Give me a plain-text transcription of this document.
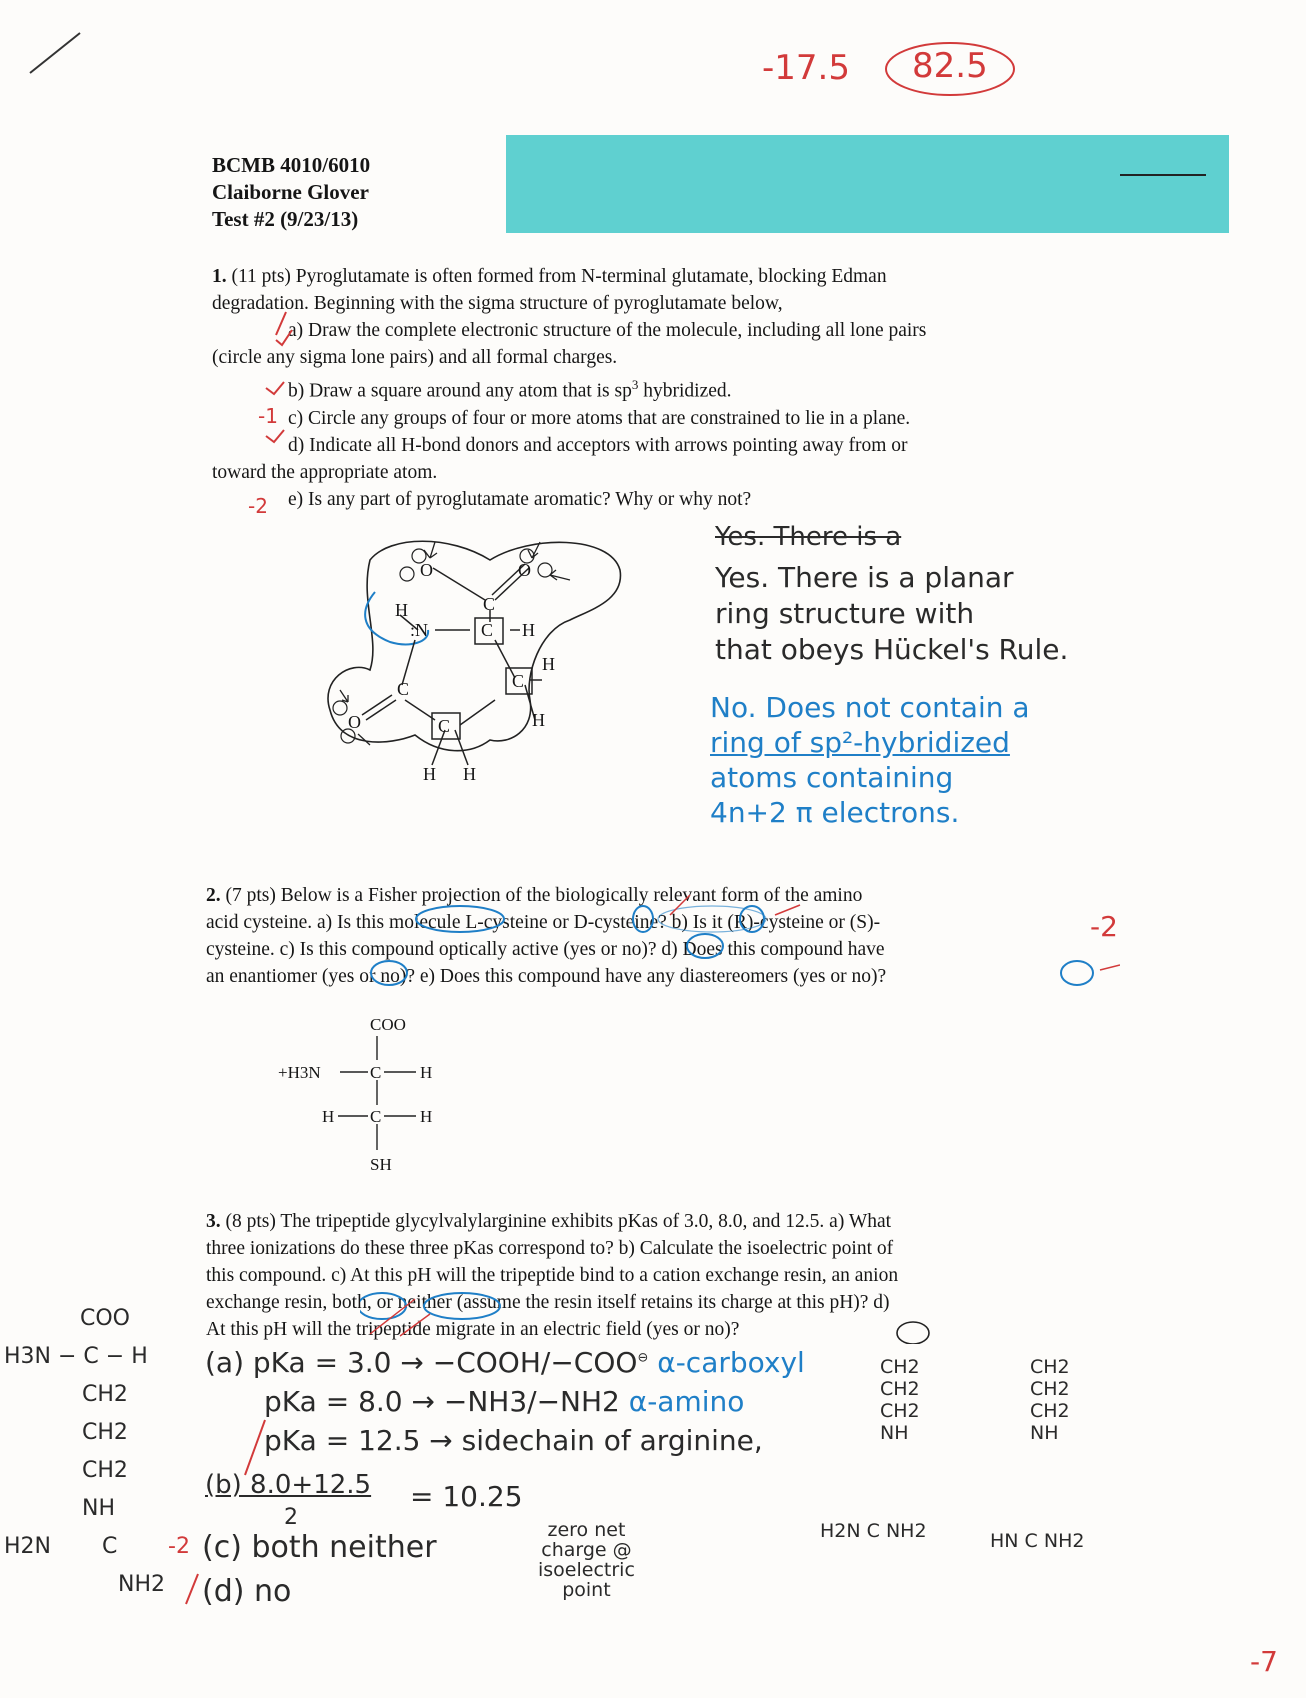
-17.5 82.5
BCMB 4010/6010
Claiborne Glover
Test #2 (9/23/13)
1. (11 pts) Pyroglutamate is often formed from N-terminal glutamate, blocking Edman
degradation. Beginning with the sigma structure of pyroglutamate below,
a) Draw the complete electronic structure of the molecule, including all lone pairs
(circle any sigma lone pairs) and all formal charges.
b) Draw a square around any atom that is $sp^3$ hybridized.
c) Circle any groups of four or more atoms that are constrained to lie in a plane.
d) Indicate all H-bond donors and acceptors with arrows pointing away from or
toward the appropriate atom.
e) Is any part of pyroglutamate aromatic? Why or why not?
-1
-2
O	O
C
H
:N	C H
C	C
H
H
O	C
H H
Yes. There is a
Yes. There is a planar
ring structure with
that obeys Hückel's Rule.
No. Does not contain a
ring of sp²-hybridized
atoms containing
4n+2 π electrons.
2. (7 pts) Below is a Fisher projection of the biologically relevant form of the amino
acid cysteine. a) Is this molecule L-cysteine or D-cysteine? b) Is it (R)-cysteine or (S)-
cysteine. c) Is this compound optically active (yes or no)? d) Does this compound have
an enantiomer (yes or no)? e) Does this compound have any diastereomers (yes or no)?
-2
COO
+H3N	C H
H C H
SH
3. (8 pts) The tripeptide glycylvalylarginine exhibits pKas of 3.0, 8.0, and 12.5. a) What
three ionizations do these three pKas correspond to? b) Calculate the isoelectric point of
this compound. c) At this pH will the tripeptide bind to a cation exchange resin, an anion
exchange resin, both, or neither (assume the resin itself retains its charge at this pH)? d)
At this pH will the tripeptide migrate in an electric field (yes or no)?
(a) pKa = 3.0 → −COOH/−COO⊖ α-carboxyl
pKa = 8.0 → −NH3/−NH2 α-amino
pKa = 12.5 → sidechain of arginine,
(b) 8.0+12.5
2
= 10.25
-2 (c) both neither	zero net
charge @
isoelectric
point
(d) no
COO
H3N − C − H
CH2
CH2
CH2
NH
H2N C
NH2
CH2
CH2
CH2
NH
H2N C NH2
CH2
CH2
CH2
NH
HN C NH2
-7
